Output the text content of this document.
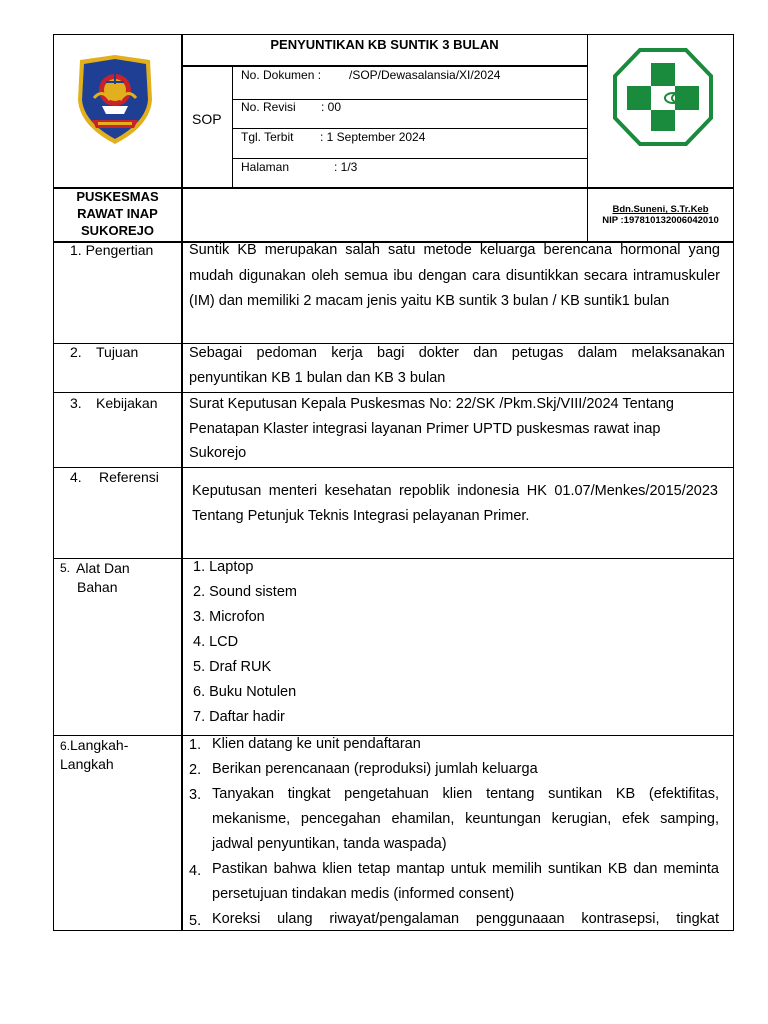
PENYUNTIKAN KB SUNTIK 3 BULAN
SOP
No. Dokumen : /SOP/Dewasalansia/XI/2024
No. Revisi : 00
Tgl. Terbit : 1 September 2024
Halaman	: 1/3
PUSKESMAS
RAWAT INAP
SUKOREJO
Bdn.Suneni, S.Tr.Keb
NIP :197810132006042010
1. Pengertian Suntik KB merupakan salah satu metode keluarga berencana hormonal yang mudah digunakan oleh semua ibu dengan cara disuntikkan secara intramuskuler (IM) dan memiliki 2 macam jenis yaitu KB suntik 3 bulan / KB suntik1 bulan
2. Tujuan	Sebagai pedoman kerja bagi dokter dan petugas dalam melaksanakan penyuntikan KB 1 bulan dan KB 3 bulan
3. Kebijakan Surat Keputusan Kepala Puskesmas No: 22/SK /Pkm.Skj/VIII/2024 Tentang Penatapan Klaster integrasi layanan Primer UPTD puskesmas rawat inap Sukorejo
4. Referensi
Keputusan menteri kesehatan repoblik indonesia HK 01.07/Menkes/2015/2023 Tentang Petunjuk Teknis Integrasi pelayanan Primer.
5. Alat Dan
Bahan
1. Laptop
2. Sound sistem
3. Microfon
4. LCD
5. Draf RUK
6. Buku Notulen
7. Daftar hadir
6. Langkah-
Langkah
1. Klien datang ke unit pendaftaran
2. Berikan perencanaan (reproduksi) jumlah keluarga
3. Tanyakan tingkat pengetahuan klien tentang suntikan KB (efektifitas, mekanisme, pencegahan ehamilan, keuntungan kerugian, efek samping, jadwal penyuntikan, tanda waspada)
4. Pastikan bahwa klien tetap mantap untuk memilih suntikan KB dan meminta persetujuan tindakan medis (informed consent)
5. Koreksi ulang riwayat/pengalaman penggunaaan kontrasepsi, tingkat
